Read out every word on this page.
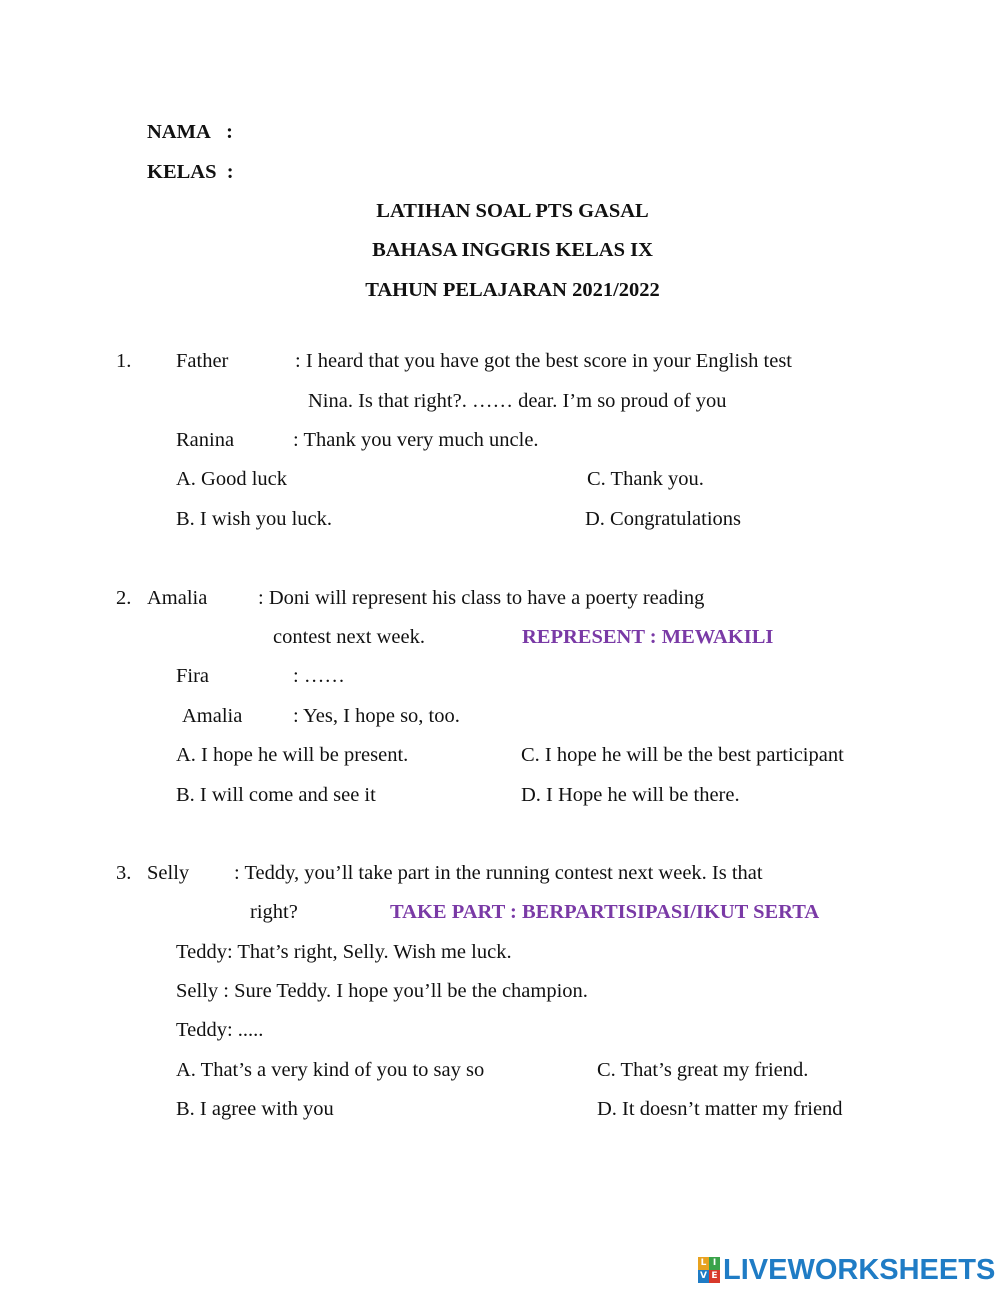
NAMA :
KELAS :
LATIHAN SOAL PTS GASAL
BAHASA INGGRIS KELAS IX
TAHUN PELAJARAN 2021/2022
1. Father	: I heard that you have got the best score in your English test
Nina. Is that right?. …… dear. I’m so proud of you
Ranina	: Thank you very much uncle.
A. Good luck	C. Thank you.
B. I wish you luck.	D. Congratulations
2. Amalia : Doni will represent his class to have a poerty reading
contest next week.	REPRESENT : MEWAKILI
Fira	: ……
Amalia : Yes, I hope so, too.
A. I hope he will be present.	C. I hope he will be the best participant
B. I will come and see it	D. I Hope he will be there.
3. Selly : Teddy, you’ll take part in the running contest next week. Is that
right?	TAKE PART : BERPARTISIPASI/IKUT SERTA
Teddy: That’s right, Selly. Wish me luck.
Selly : Sure Teddy. I hope you’ll be the champion.
Teddy: .....
A. That’s a very kind of you to say so	C. That’s great my friend.
B. I agree with you	D. It doesn’t matter my friend
L I
V E LIVEWORKSHEETS
